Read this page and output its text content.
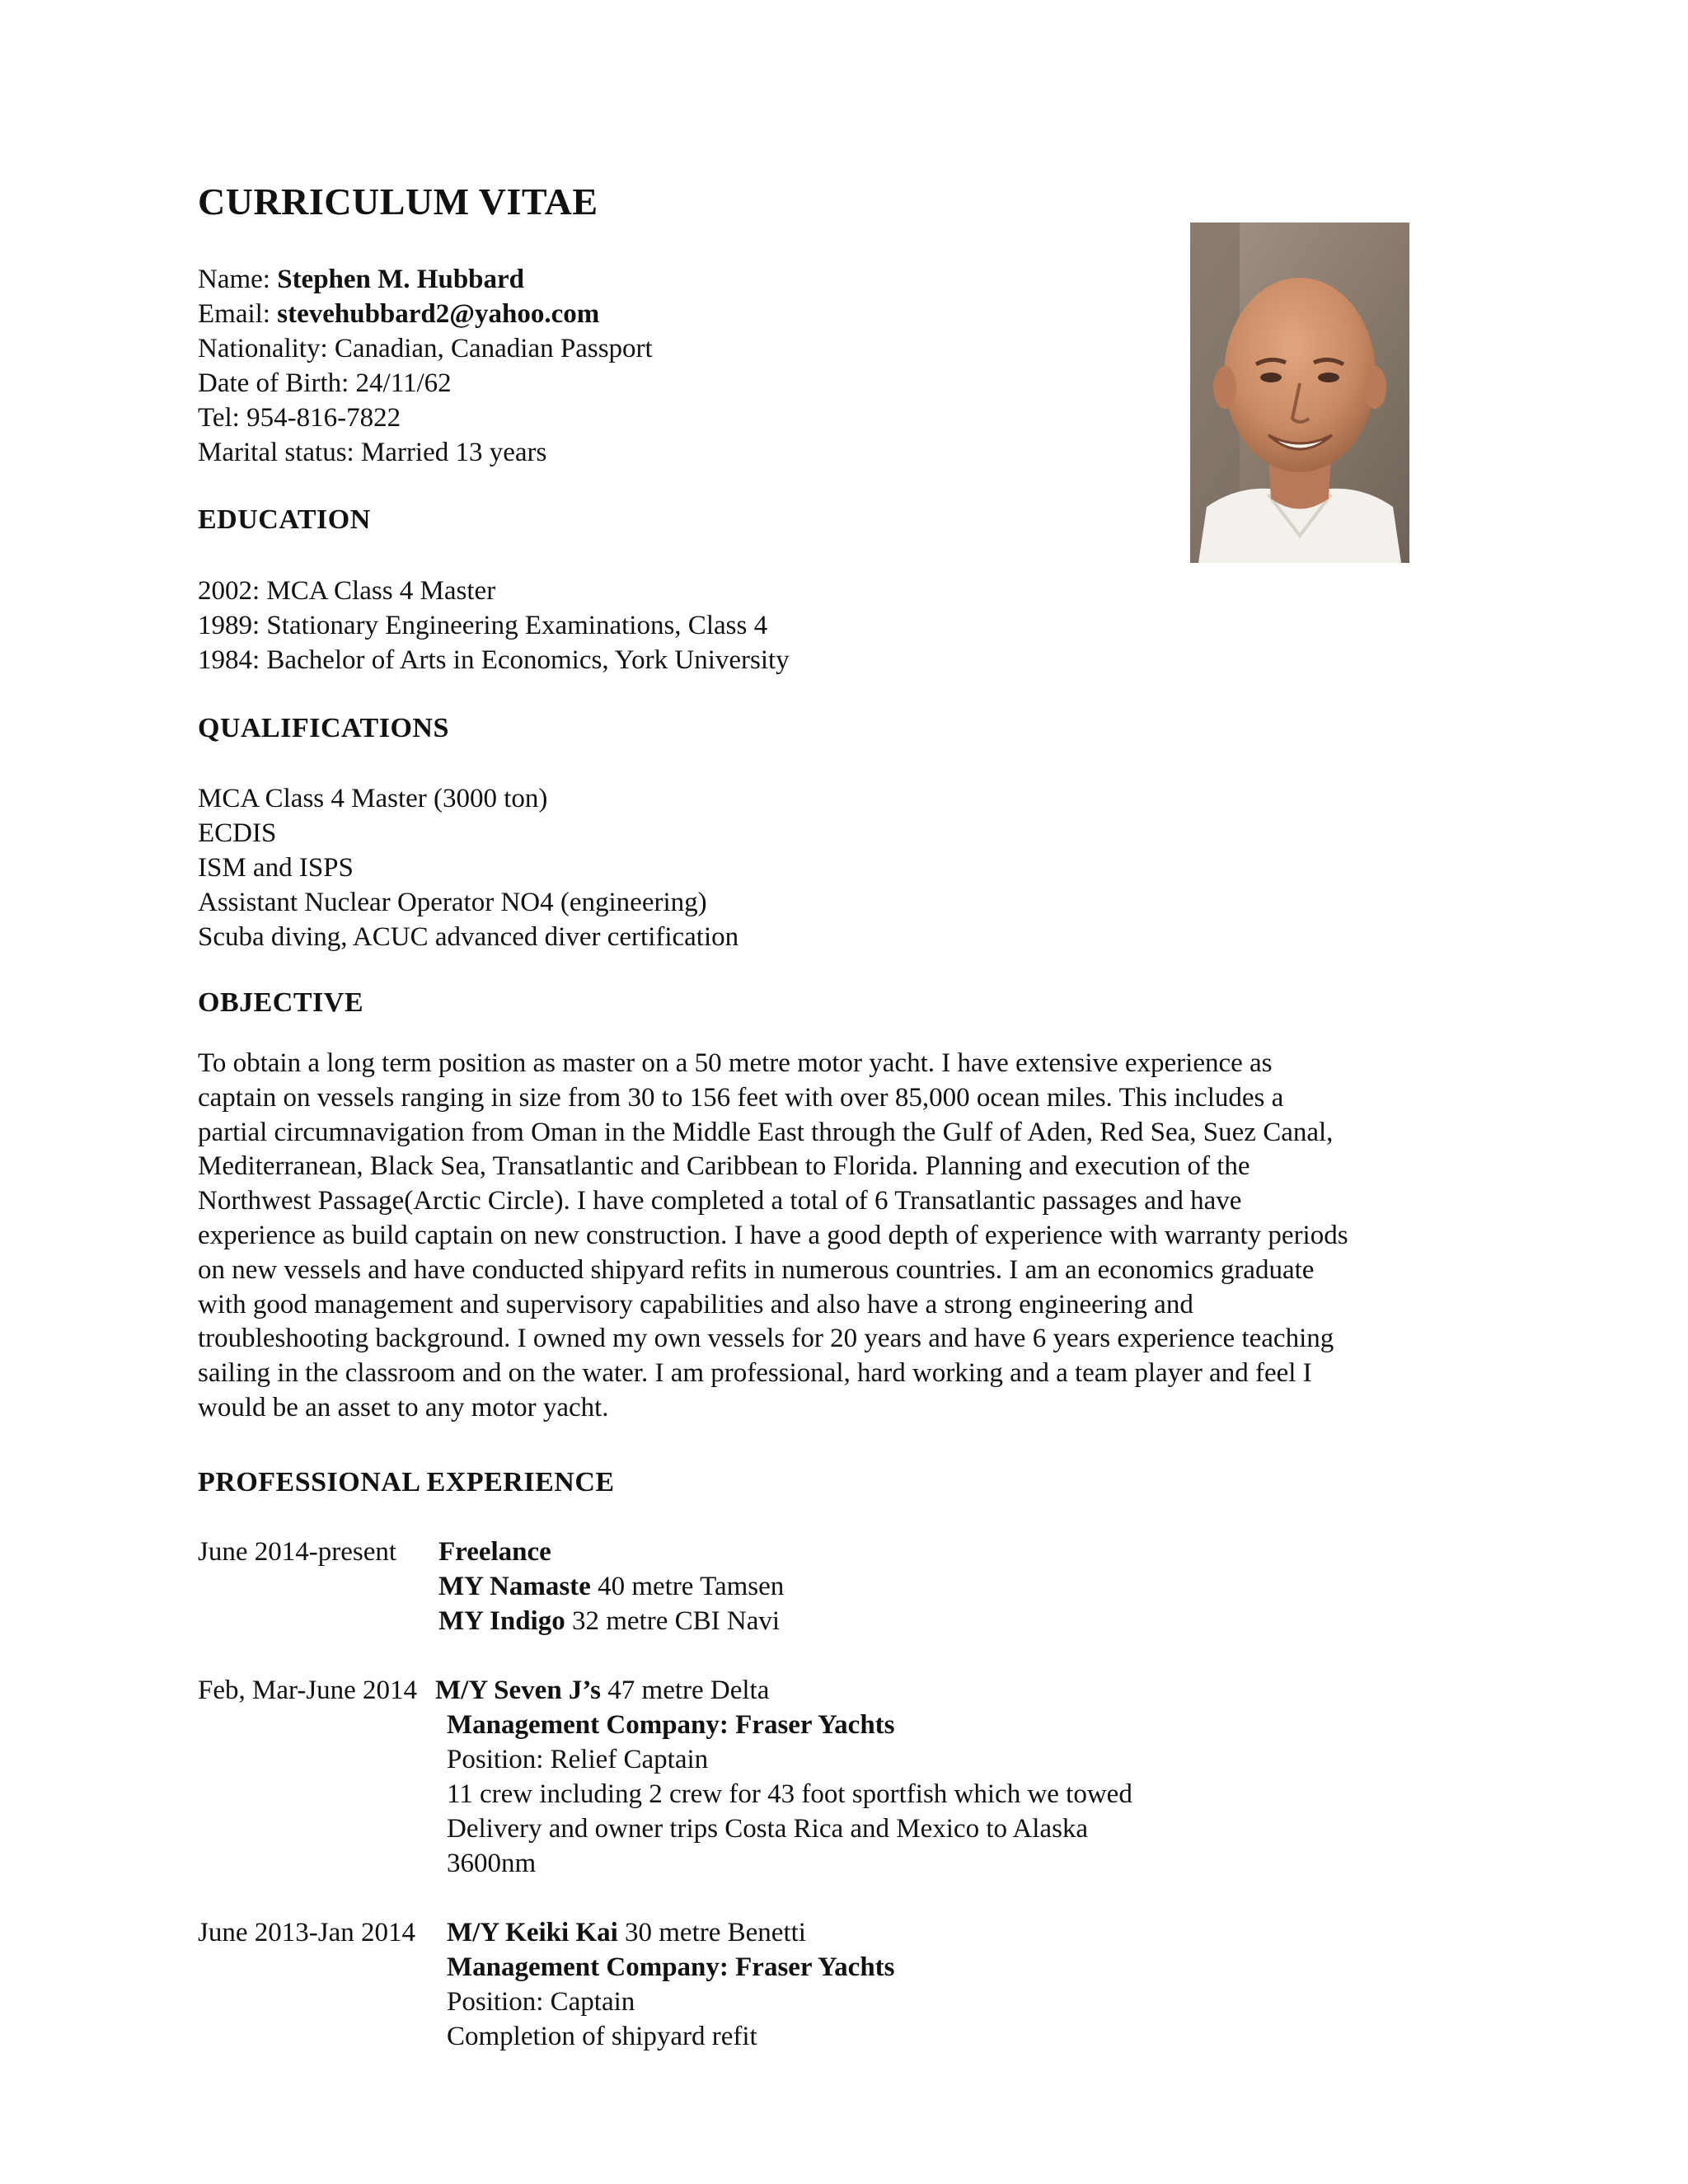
CURRICULUM VITAE
Name: Stephen M. Hubbard
Email: stevehubbard2@yahoo.com
Nationality: Canadian, Canadian Passport
Date of Birth: 24/11/62
Tel: 954-816-7822
Marital status: Married 13 years
EDUCATION
2002: MCA Class 4 Master
1989: Stationary Engineering Examinations, Class 4
1984: Bachelor of Arts in Economics, York University
QUALIFICATIONS
MCA Class 4 Master (3000 ton)
ECDIS
ISM and ISPS
Assistant Nuclear Operator NO4 (engineering)
Scuba diving, ACUC advanced diver certification
OBJECTIVE
To obtain a long term position as master on a 50 metre motor yacht. I have extensive experience as
captain on vessels ranging in size from 30 to 156 feet with over 85,000 ocean miles. This includes a
partial circumnavigation from Oman in the Middle East through the Gulf of Aden, Red Sea, Suez Canal,
Mediterranean, Black Sea, Transatlantic and Caribbean to Florida. Planning and execution of the
Northwest Passage(Arctic Circle). I have completed a total of 6 Transatlantic passages and have
experience as build captain on new construction. I have a good depth of experience with warranty periods
on new vessels and have conducted shipyard refits in numerous countries. I am an economics graduate
with good management and supervisory capabilities and also have a strong engineering and
troubleshooting background. I owned my own vessels for 20 years and have 6 years experience teaching
sailing in the classroom and on the water. I am professional, hard working and a team player and feel I
would be an asset to any motor yacht.
PROFESSIONAL EXPERIENCE
June 2014-present Freelance
MY Namaste 40 metre Tamsen
MY Indigo 32 metre CBI Navi
Feb, Mar-June 2014 M/Y Seven J’s 47 metre Delta
Management Company: Fraser Yachts
Position: Relief Captain
11 crew including 2 crew for 43 foot sportfish which we towed
Delivery and owner trips Costa Rica and Mexico to Alaska
3600nm
June 2013-Jan 2014 M/Y Keiki Kai 30 metre Benetti
Management Company: Fraser Yachts
Position: Captain
Completion of shipyard refit
